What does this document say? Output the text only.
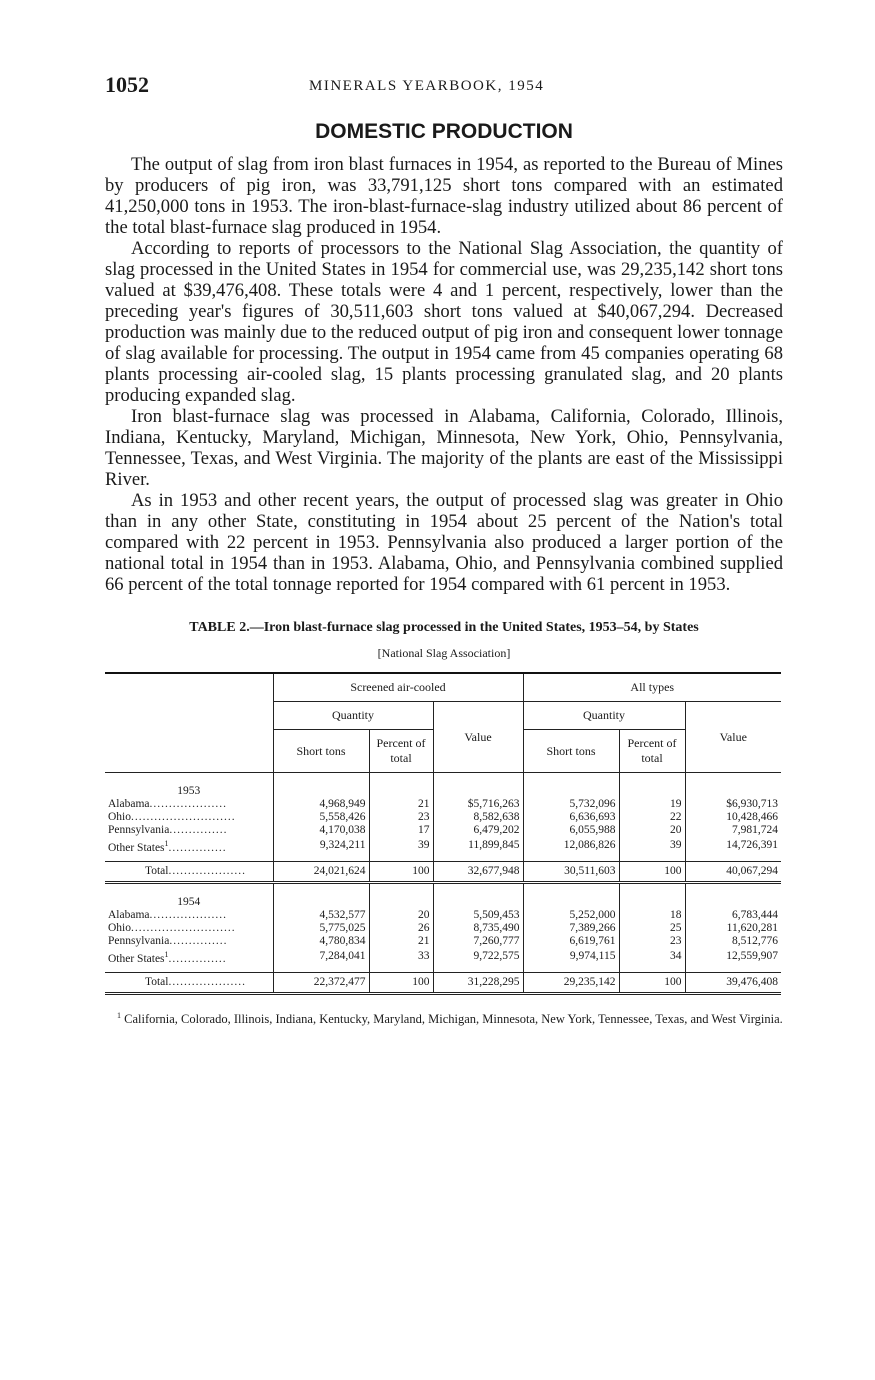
1052	MINERALS YEARBOOK, 1954
DOMESTIC PRODUCTION

The output of slag from iron blast furnaces in 1954, as reported to the Bureau of Mines by producers of pig iron, was 33,791,125 short tons compared with an estimated 41,250,000 tons in 1953. The iron-blast-furnace-slag industry utilized about 86 percent of the total blast-furnace slag produced in 1954.

According to reports of processors to the National Slag Association, the quantity of slag processed in the United States in 1954 for commercial use, was 29,235,142 short tons valued at $39,476,408. These totals were 4 and 1 percent, respectively, lower than the preceding year's figures of 30,511,603 short tons valued at $40,067,294. Decreased production was mainly due to the reduced output of pig iron and consequent lower tonnage of slag available for processing. The output in 1954 came from 45 companies operating 68 plants processing air-cooled slag, 15 plants processing granulated slag, and 20 plants producing expanded slag.

Iron blast-furnace slag was processed in Alabama, California, Colorado, Illinois, Indiana, Kentucky, Maryland, Michigan, Minnesota, New York, Ohio, Pennsylvania, Tennessee, Texas, and West Virginia. The majority of the plants are east of the Mississippi River.

As in 1953 and other recent years, the output of processed slag was greater in Ohio than in any other State, constituting in 1954 about 25 percent of the Nation's total compared with 22 percent in 1953. Pennsylvania also produced a larger portion of the national total in 1954 than in 1953. Alabama, Ohio, and Pennsylvania combined supplied 66 percent of the total tonnage reported for 1954 compared with 61 percent in 1953.

TABLE 2.—Iron blast-furnace slag processed in the United States, 1953–54, by States
[National Slag Association]
	Screened air-cooled			All types		
	Quantity		Value	Quantity		Value
	Short tons	Percent of total		Short tons	Percent of total	
1953						
Alabama....................	4,968,949	21	$5,716,263	5,732,096	19	$6,930,713
Ohio...........................	5,558,426	23	8,582,638	6,636,693	22	10,428,466
Pennsylvania...............	4,170,038	17	6,479,202	6,055,988	20	7,981,724
Other States$^1$...............	9,324,211	39	11,899,845	12,086,826	39	14,726,391

Total....................	24,021,624	100	32,677,948	30,511,603	100	40,067,294
1954						
Alabama....................	4,532,577	20	5,509,453	5,252,000	18	6,783,444
Ohio...........................	5,775,025	26	8,735,490	7,389,266	25	11,620,281
Pennsylvania...............	4,780,834	21	7,260,777	6,619,761	23	8,512,776
Other States$^1$...............	7,284,041	33	9,722,575	9,974,115	34	12,559,907

Total....................	22,372,477	100	31,228,295	29,235,142	100	39,476,408
$^1$ California, Colorado, Illinois, Indiana, Kentucky, Maryland, Michigan, Minnesota, New York, Tennessee, Texas, and West Virginia.
